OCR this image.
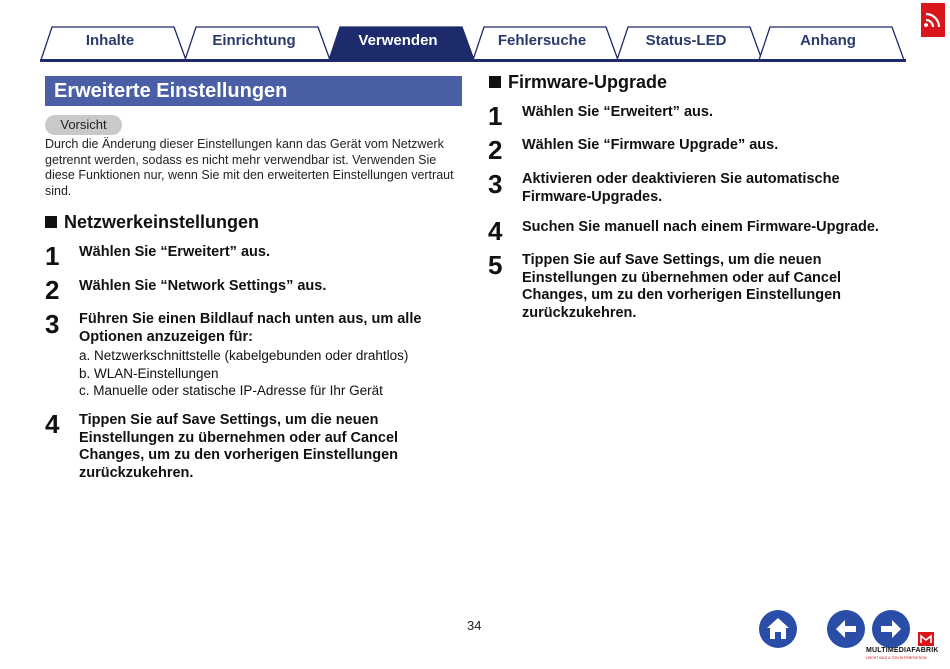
Inhalte	Einrichtung	Verwenden	Fehlersuche	Status-LED	Anhang
Erweiterte Einstellungen
Vorsicht
Durch die Änderung dieser Einstellungen kann das Gerät vom Netzwerk getrennt werden, sodass es nicht mehr verwendbar ist. Verwenden Sie diese Funktionen nur, wenn Sie mit den erweiterten Einstellungen vertraut sind.
Netzwerkeinstellungen
1 Wählen Sie “Erweitert” aus.
2 Wählen Sie “Network Settings” aus.
3 Führen Sie einen Bildlauf nach unten aus, um alle
Optionen anzuzeigen für:
a. Netzwerkschnittstelle (kabelgebunden oder drahtlos)
b. WLAN-Einstellungen
c. Manuelle oder statische IP-Adresse für Ihr Gerät
4 Tippen Sie auf Save Settings, um die neuen
Einstellungen zu übernehmen oder auf Cancel
Changes, um zu den vorherigen Einstellungen
zurückzukehren.
Firmware-Upgrade
1 Wählen Sie “Erweitert” aus.
2 Wählen Sie “Firmware Upgrade” aus.
3 Aktivieren oder deaktivieren Sie automatische
Firmware-Upgrades.
4 Suchen Sie manuell nach einem Firmware-Upgrade.
5 Tippen Sie auf Save Settings, um die neuen
Einstellungen zu übernehmen oder auf Cancel
Changes, um zu den vorherigen Einstellungen
zurückzukehren.
34
MULTIMEDIAFABRIK
LEICHT BILD & TON IN PERFEKTION
